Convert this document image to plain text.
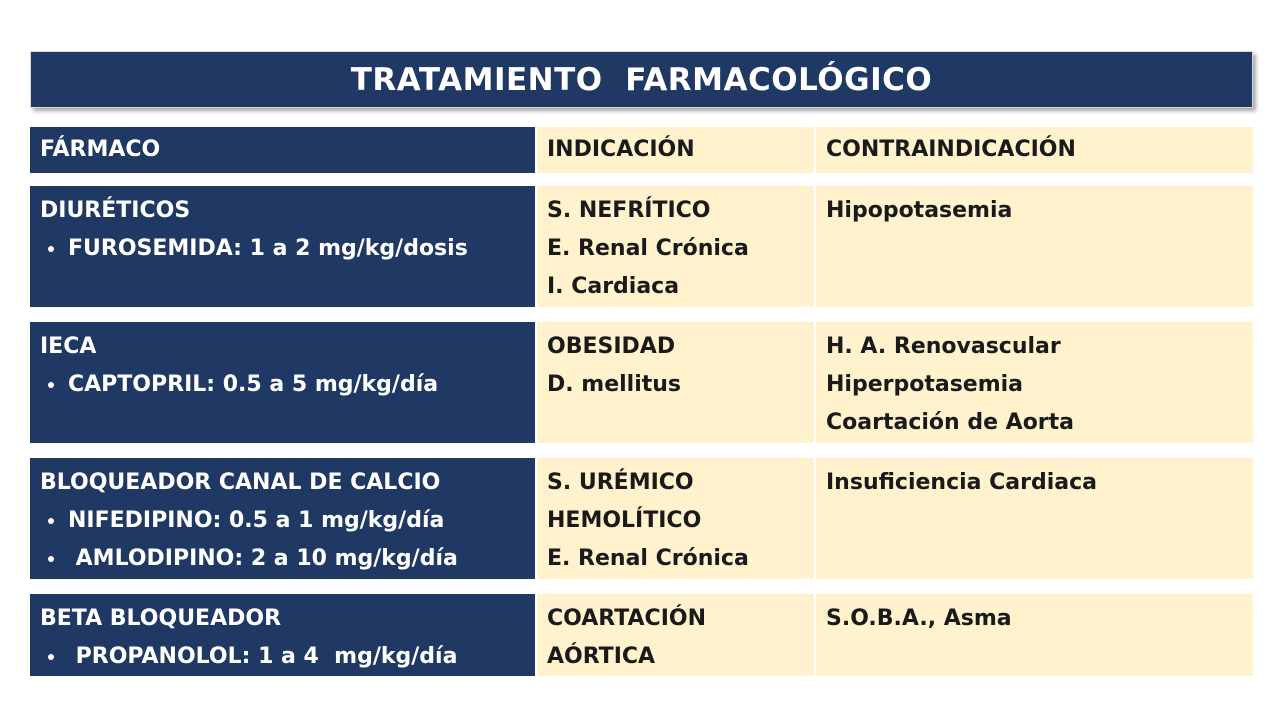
TRATAMIENTO  FARMACOLÓGICO
FÁRMACO	INDICACIÓN	CONTRAINDICACIÓN
DIURÉTICOS
FUROSEMIDA: 1 a 2 mg/kg/dosis
S. NEFRÍTICO
E. Renal Crónica
I. Cardiaca
Hipopotasemia
IECA
CAPTOPRIL: 0.5 a 5 mg/kg/día
OBESIDAD
D. mellitus
H. A. Renovascular
Hiperpotasemia
Coartación de Aorta
BLOQUEADOR CANAL DE CALCIO
NIFEDIPINO: 0.5 a 1 mg/kg/día
AMLODIPINO: 2 a 10 mg/kg/día
S. URÉMICO
HEMOLÍTICO
E. Renal Crónica
Insuficiencia Cardiaca
BETA BLOQUEADOR
PROPANOLOL: 1 a 4  mg/kg/día
COARTACIÓN
AÓRTICA
S.O.B.A., Asma
